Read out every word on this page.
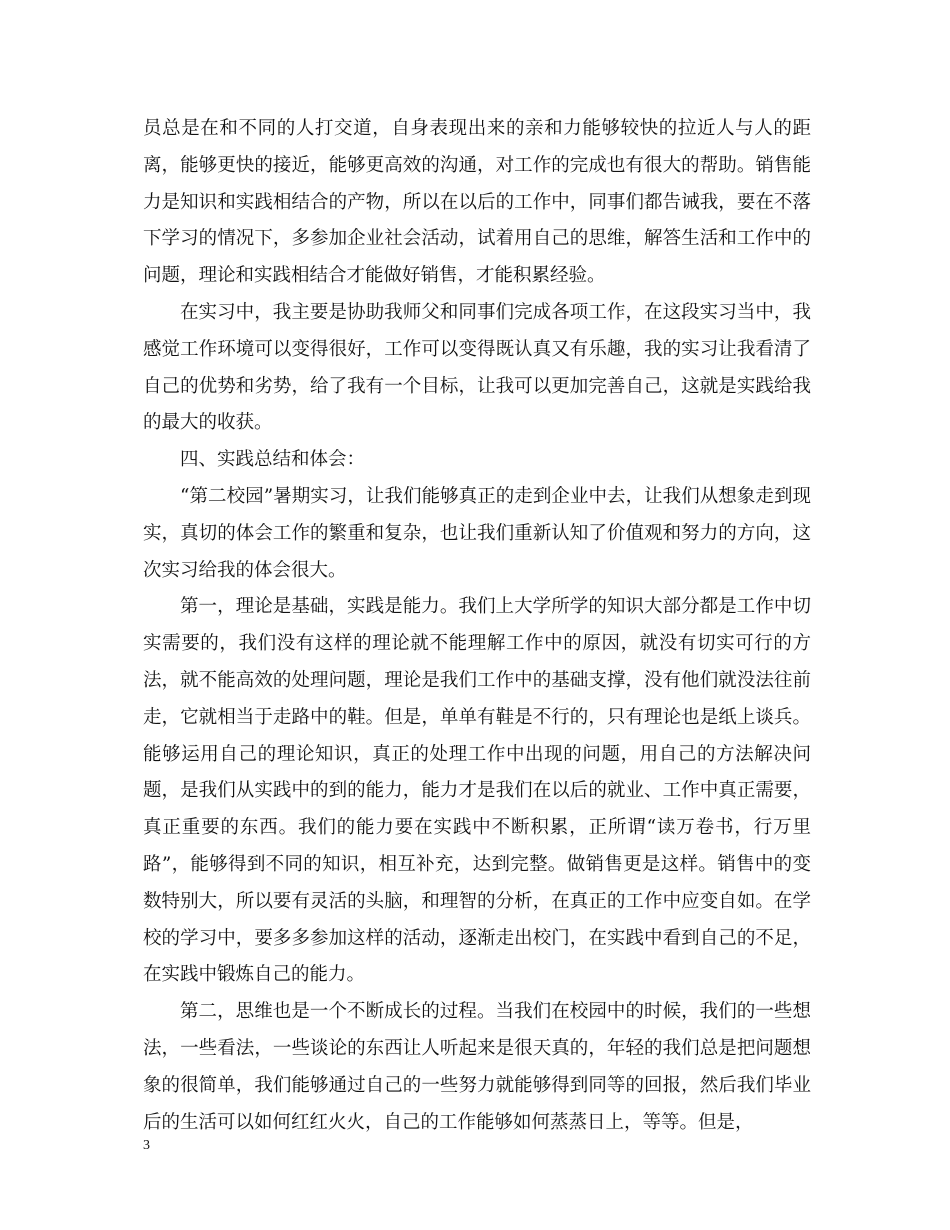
员总是在和不同的人打交道，自身表现出来的亲和力能够较快的拉近人与人的距离，能够更快的接近，能够更高效的沟通，对工作的完成也有很大的帮助。销售能力是知识和实践相结合的产物，所以在以后的工作中，同事们都告诫我，要在不落下学习的情况下，多参加企业社会活动，试着用自己的思维，解答生活和工作中的问题，理论和实践相结合才能做好销售，才能积累经验。

在实习中，我主要是协助我师父和同事们完成各项工作，在这段实习当中，我感觉工作环境可以变得很好，工作可以变得既认真又有乐趣，我的实习让我看清了自己的优势和劣势，给了我有一个目标，让我可以更加完善自己，这就是实践给我的最大的收获。

四、实践总结和体会：

“第二校园”暑期实习，让我们能够真正的走到企业中去，让我们从想象走到现实，真切的体会工作的繁重和复杂，也让我们重新认知了价值观和努力的方向，这次实习给我的体会很大。

第一，理论是基础，实践是能力。我们上大学所学的知识大部分都是工作中切实需要的，我们没有这样的理论就不能理解工作中的原因，就没有切实可行的方法，就不能高效的处理问题，理论是我们工作中的基础支撑，没有他们就没法往前走，它就相当于走路中的鞋。但是，单单有鞋是不行的，只有理论也是纸上谈兵。能够运用自己的理论知识，真正的处理工作中出现的问题，用自己的方法解决问题，是我们从实践中的到的能力，能力才是我们在以后的就业、工作中真正需要，真正重要的东西。我们的能力要在实践中不断积累，正所谓“读万卷书，行万里路”，能够得到不同的知识，相互补充，达到完整。做销售更是这样。销售中的变数特别大，所以要有灵活的头脑，和理智的分析，在真正的工作中应变自如。在学校的学习中，要多多参加这样的活动，逐渐走出校门，在实践中看到自己的不足，在实践中锻炼自己的能力。

第二，思维也是一个不断成长的过程。当我们在校园中的时候，我们的一些想法，一些看法，一些谈论的东西让人听起来是很天真的，年轻的我们总是把问题想象的很简单，我们能够通过自己的一些努力就能够得到同等的回报，然后我们毕业后的生活可以如何红红火火，自己的工作能够如何蒸蒸日上，等等。但是，

3
